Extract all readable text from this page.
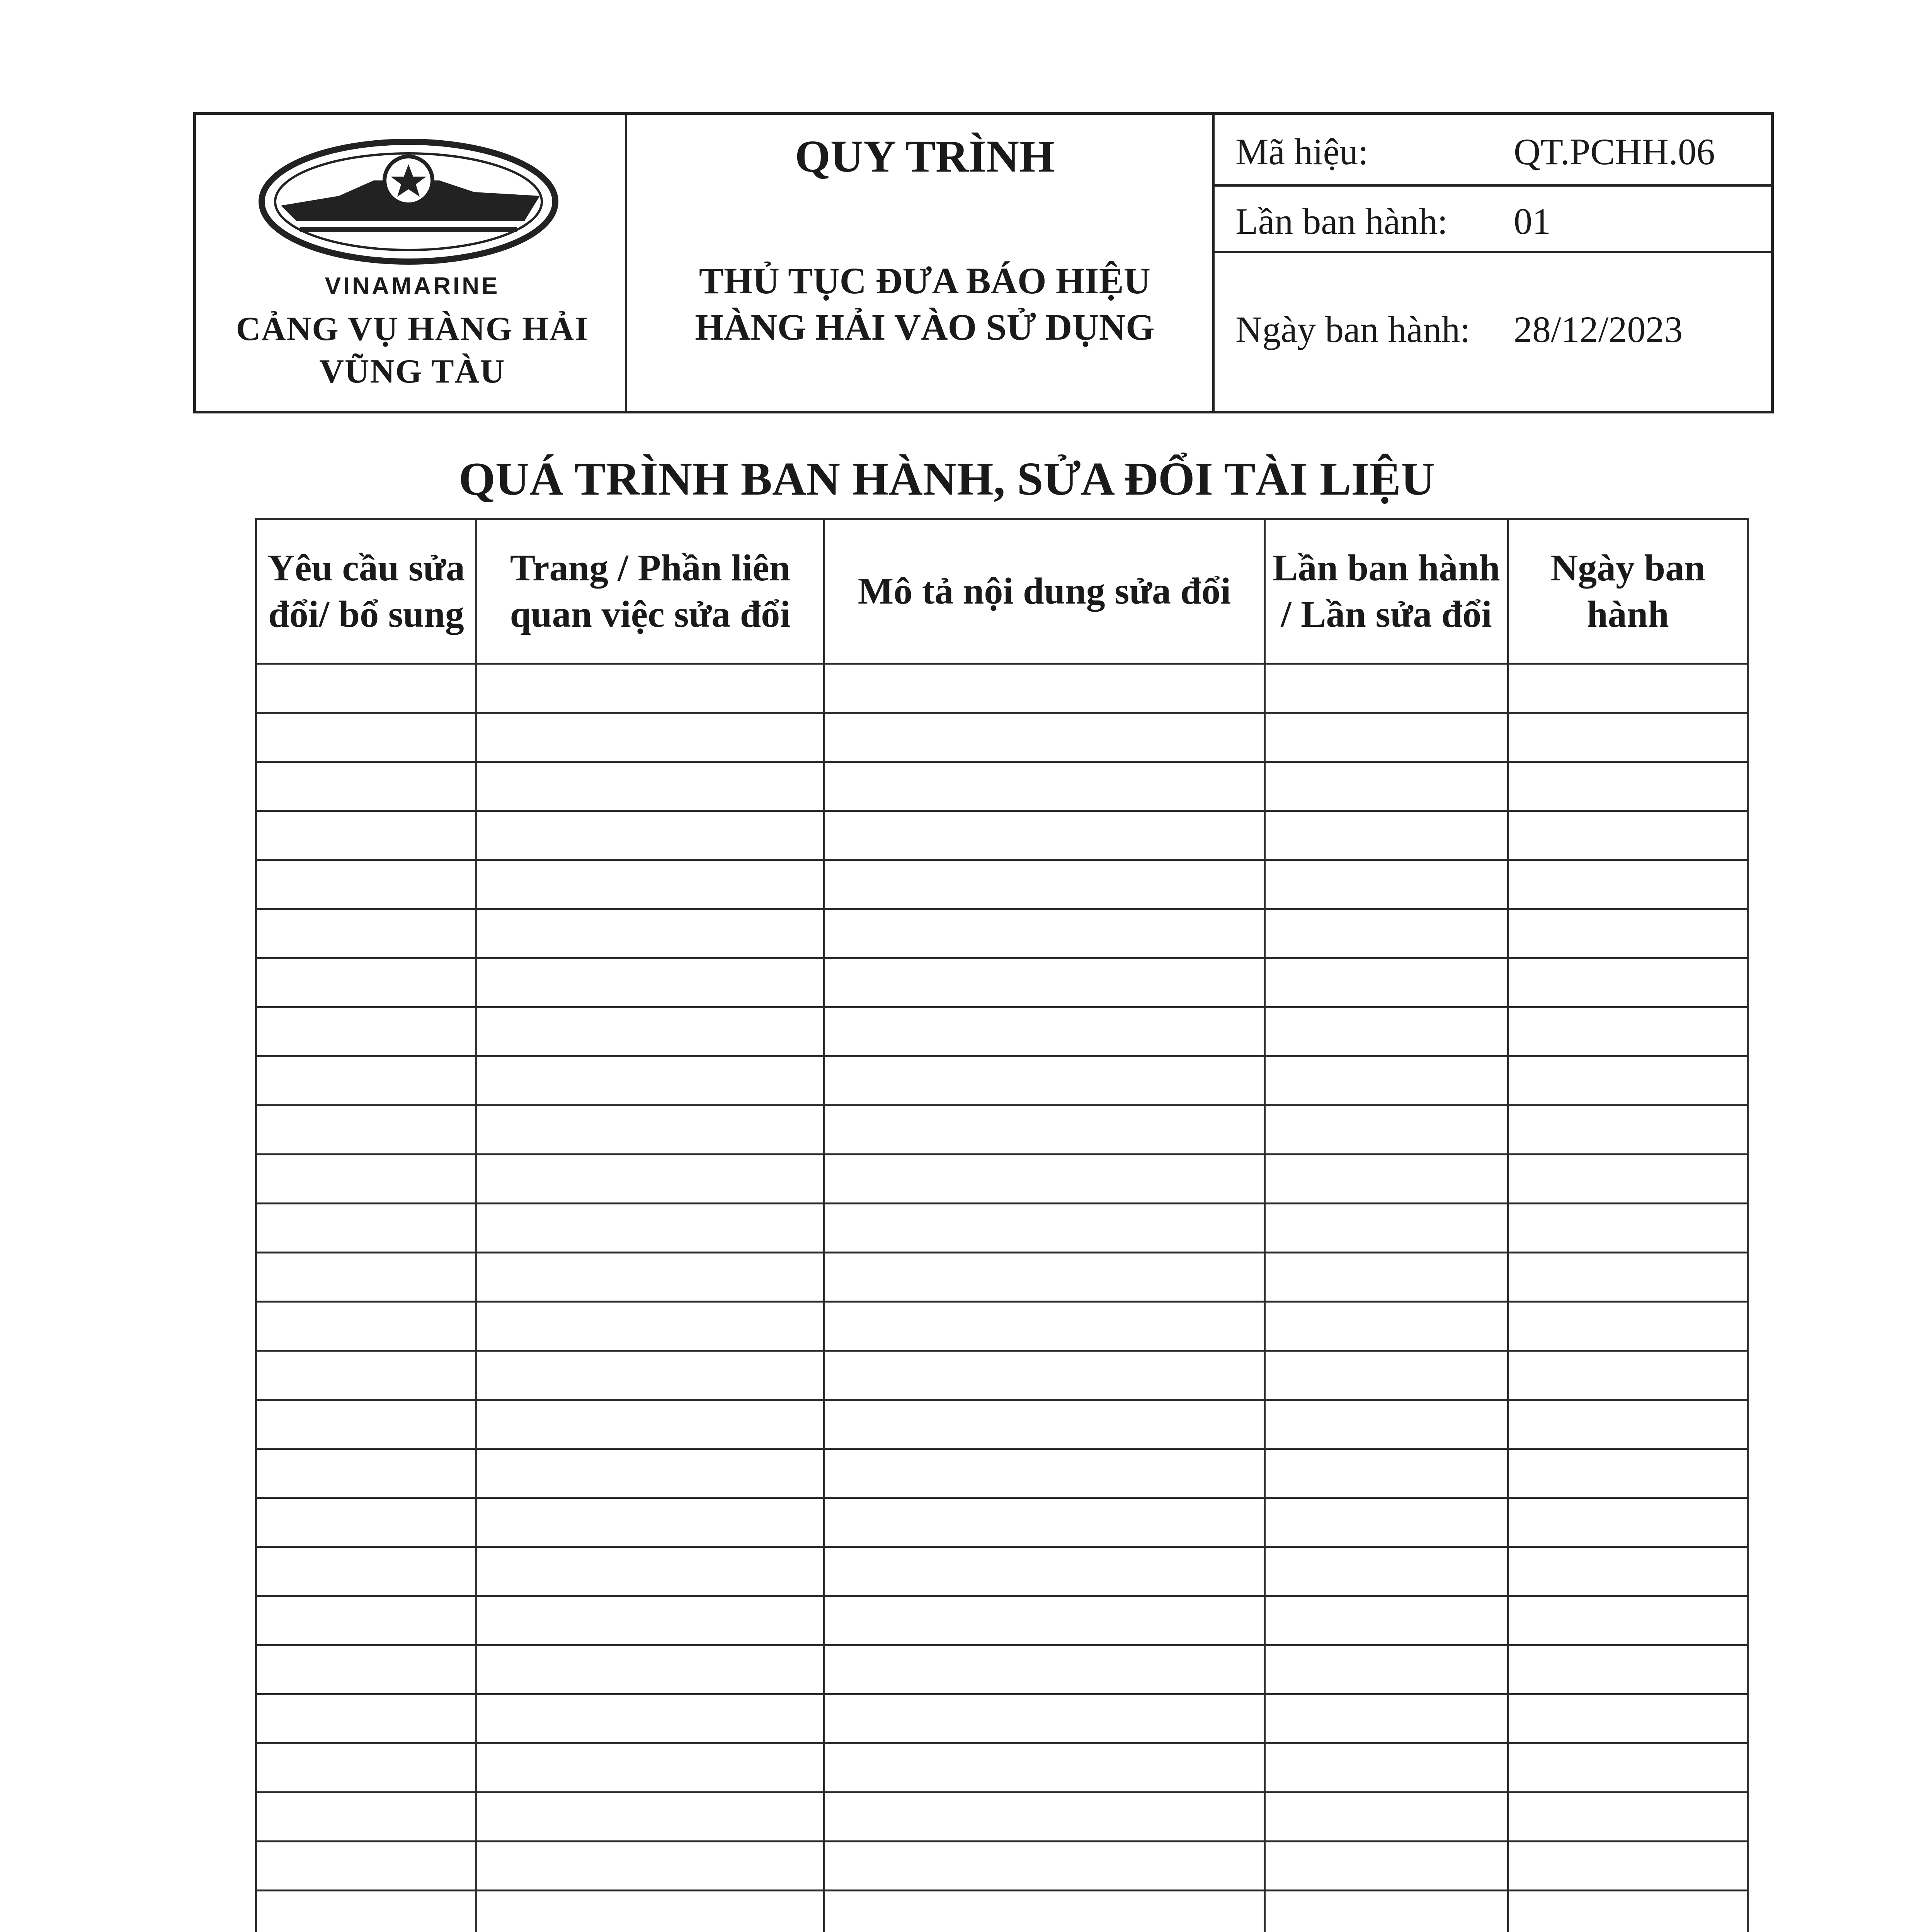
VINAMARINE
CẢNG VỤ HÀNG HẢI
VŨNG TÀU
QUY TRÌNH
THỦ TỤC ĐƯA BÁO HIỆU
HÀNG HẢI VÀO SỬ DỤNG
Mã hiệu:	QT.PCHH.06
Lần ban hành: 01
Ngày ban hành: 28/12/2023
QUÁ TRÌNH BAN HÀNH, SỬA ĐỔI TÀI LIỆU
Yêu cầu sửa đổi/ bổ sung	Trang / Phần liên quan việc sửa đổi	Mô tả nội dung sửa đổi	Lần ban hành / Lần sửa đổi	Ngày ban hành
